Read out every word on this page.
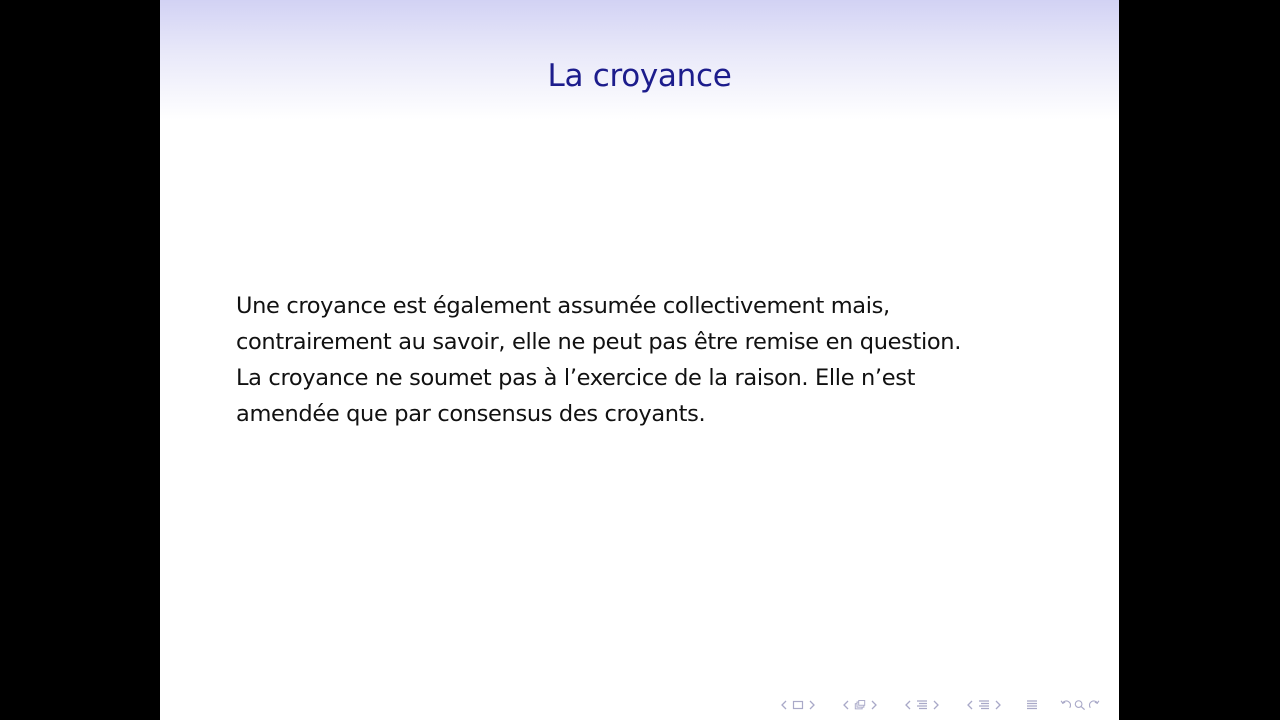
La croyance
Une croyance est également assumée collectivement mais,
contrairement au savoir, elle ne peut pas être remise en question.
La croyance ne soumet pas à l’exercice de la raison. Elle n’est
amendée que par consensus des croyants.
